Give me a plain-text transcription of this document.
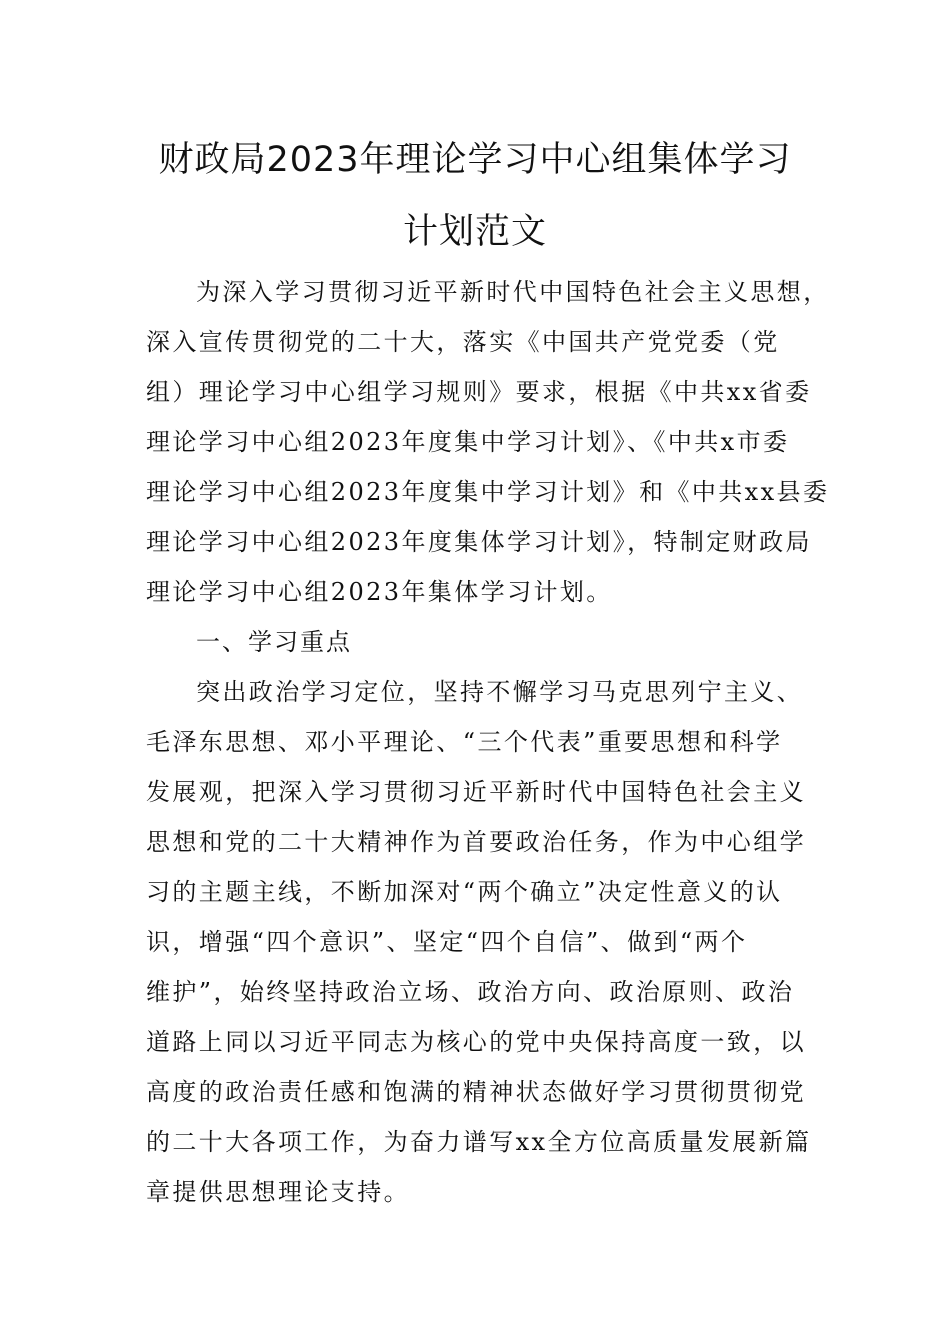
财政局2023年理论学习中心组集体学习
计划范文
为深入学习贯彻习近平新时代中国特色社会主义思想，
深入宣传贯彻党的二十大，落实《中国共产党党委（党
组）理论学习中心组学习规则》要求，根据《中共xx省委
理论学习中心组2023年度集中学习计划》、《中共x市委
理论学习中心组2023年度集中学习计划》和《中共xx县委
理论学习中心组2023年度集体学习计划》，特制定财政局
理论学习中心组2023年集体学习计划。
一、学习重点
突出政治学习定位，坚持不懈学习马克思列宁主义、
毛泽东思想、邓小平理论、“三个代表”重要思想和科学
发展观，把深入学习贯彻习近平新时代中国特色社会主义
思想和党的二十大精神作为首要政治任务，作为中心组学
习的主题主线，不断加深对“两个确立”决定性意义的认
识，增强“四个意识”、坚定“四个自信”、做到“两个
维护”，始终坚持政治立场、政治方向、政治原则、政治
道路上同以习近平同志为核心的党中央保持高度一致，以
高度的政治责任感和饱满的精神状态做好学习贯彻贯彻党
的二十大各项工作，为奋力谱写xx全方位高质量发展新篇
章提供思想理论支持。
